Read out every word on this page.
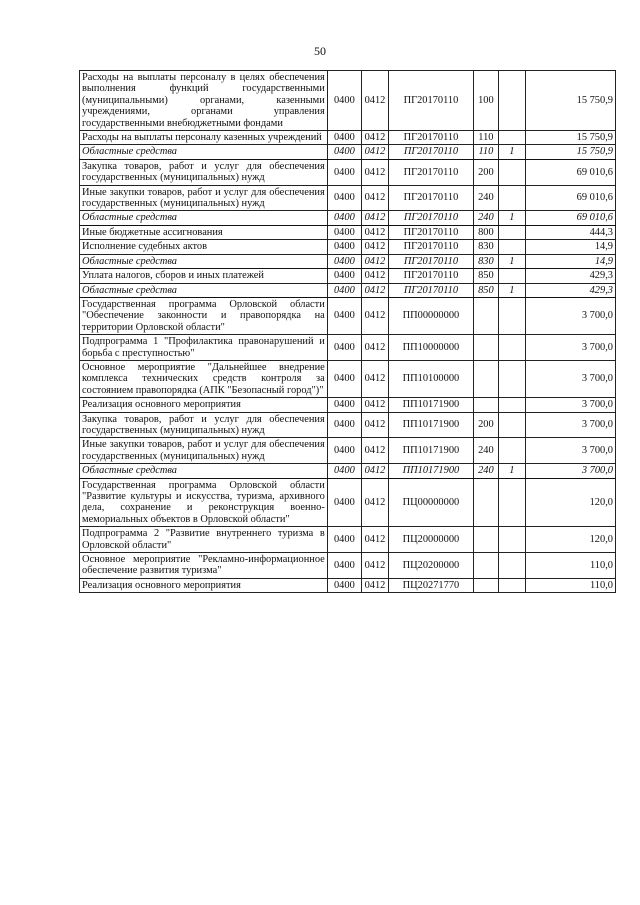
50
Расходы на выплаты персоналу в целях обеспечения выполнения функций государственными (муниципальными) органами, казенными учреждениями, органами управления государственными внебюджетными фондами	0400	0412	ПГ20170110	100		15 750,9
Расходы на выплаты персоналу казенных учреждений	0400	0412	ПГ20170110	110		15 750,9
Областные средства	0400	0412	ПГ20170110	110	1	15 750,9
Закупка товаров, работ и услуг для обеспечения государственных (муниципальных) нужд	0400	0412	ПГ20170110	200		69 010,6
Иные закупки товаров, работ и услуг для обеспечения государственных (муниципальных) нужд	0400	0412	ПГ20170110	240		69 010,6
Областные средства	0400	0412	ПГ20170110	240	1	69 010,6
Иные бюджетные ассигнования	0400	0412	ПГ20170110	800		444,3
Исполнение судебных актов	0400	0412	ПГ20170110	830		14,9
Областные средства	0400	0412	ПГ20170110	830	1	14,9
Уплата налогов, сборов и иных платежей	0400	0412	ПГ20170110	850		429,3
Областные средства	0400	0412	ПГ20170110	850	1	429,3
Государственная программа Орловской области "Обеспечение законности и правопорядка на территории Орловской области"	0400	0412	ПП00000000			3 700,0
Подпрограмма 1 "Профилактика правонарушений и борьба с преступностью"	0400	0412	ПП10000000			3 700,0
Основное мероприятие "Дальнейшее внедрение комплекса технических средств контроля за состоянием правопорядка (АПК "Безопасный город")"	0400	0412	ПП10100000			3 700,0
Реализация основного мероприятия	0400	0412	ПП10171900			3 700,0
Закупка товаров, работ и услуг для обеспечения государственных (муниципальных) нужд	0400	0412	ПП10171900	200		3 700,0
Иные закупки товаров, работ и услуг для обеспечения государственных (муниципальных) нужд	0400	0412	ПП10171900	240		3 700,0
Областные средства	0400	0412	ПП10171900	240	1	3 700,0
Государственная программа Орловской области "Развитие культуры и искусства, туризма, архивного дела, сохранение и реконструкция военно-мемориальных объектов в Орловской области"	0400	0412	ПЦ00000000			120,0
Подпрограмма 2 "Развитие внутреннего туризма в Орловской области"	0400	0412	ПЦ20000000			120,0
Основное мероприятие "Рекламно-информационное обеспечение развития туризма"	0400	0412	ПЦ20200000			110,0
Реализация основного мероприятия	0400	0412	ПЦ20271770			110,0
